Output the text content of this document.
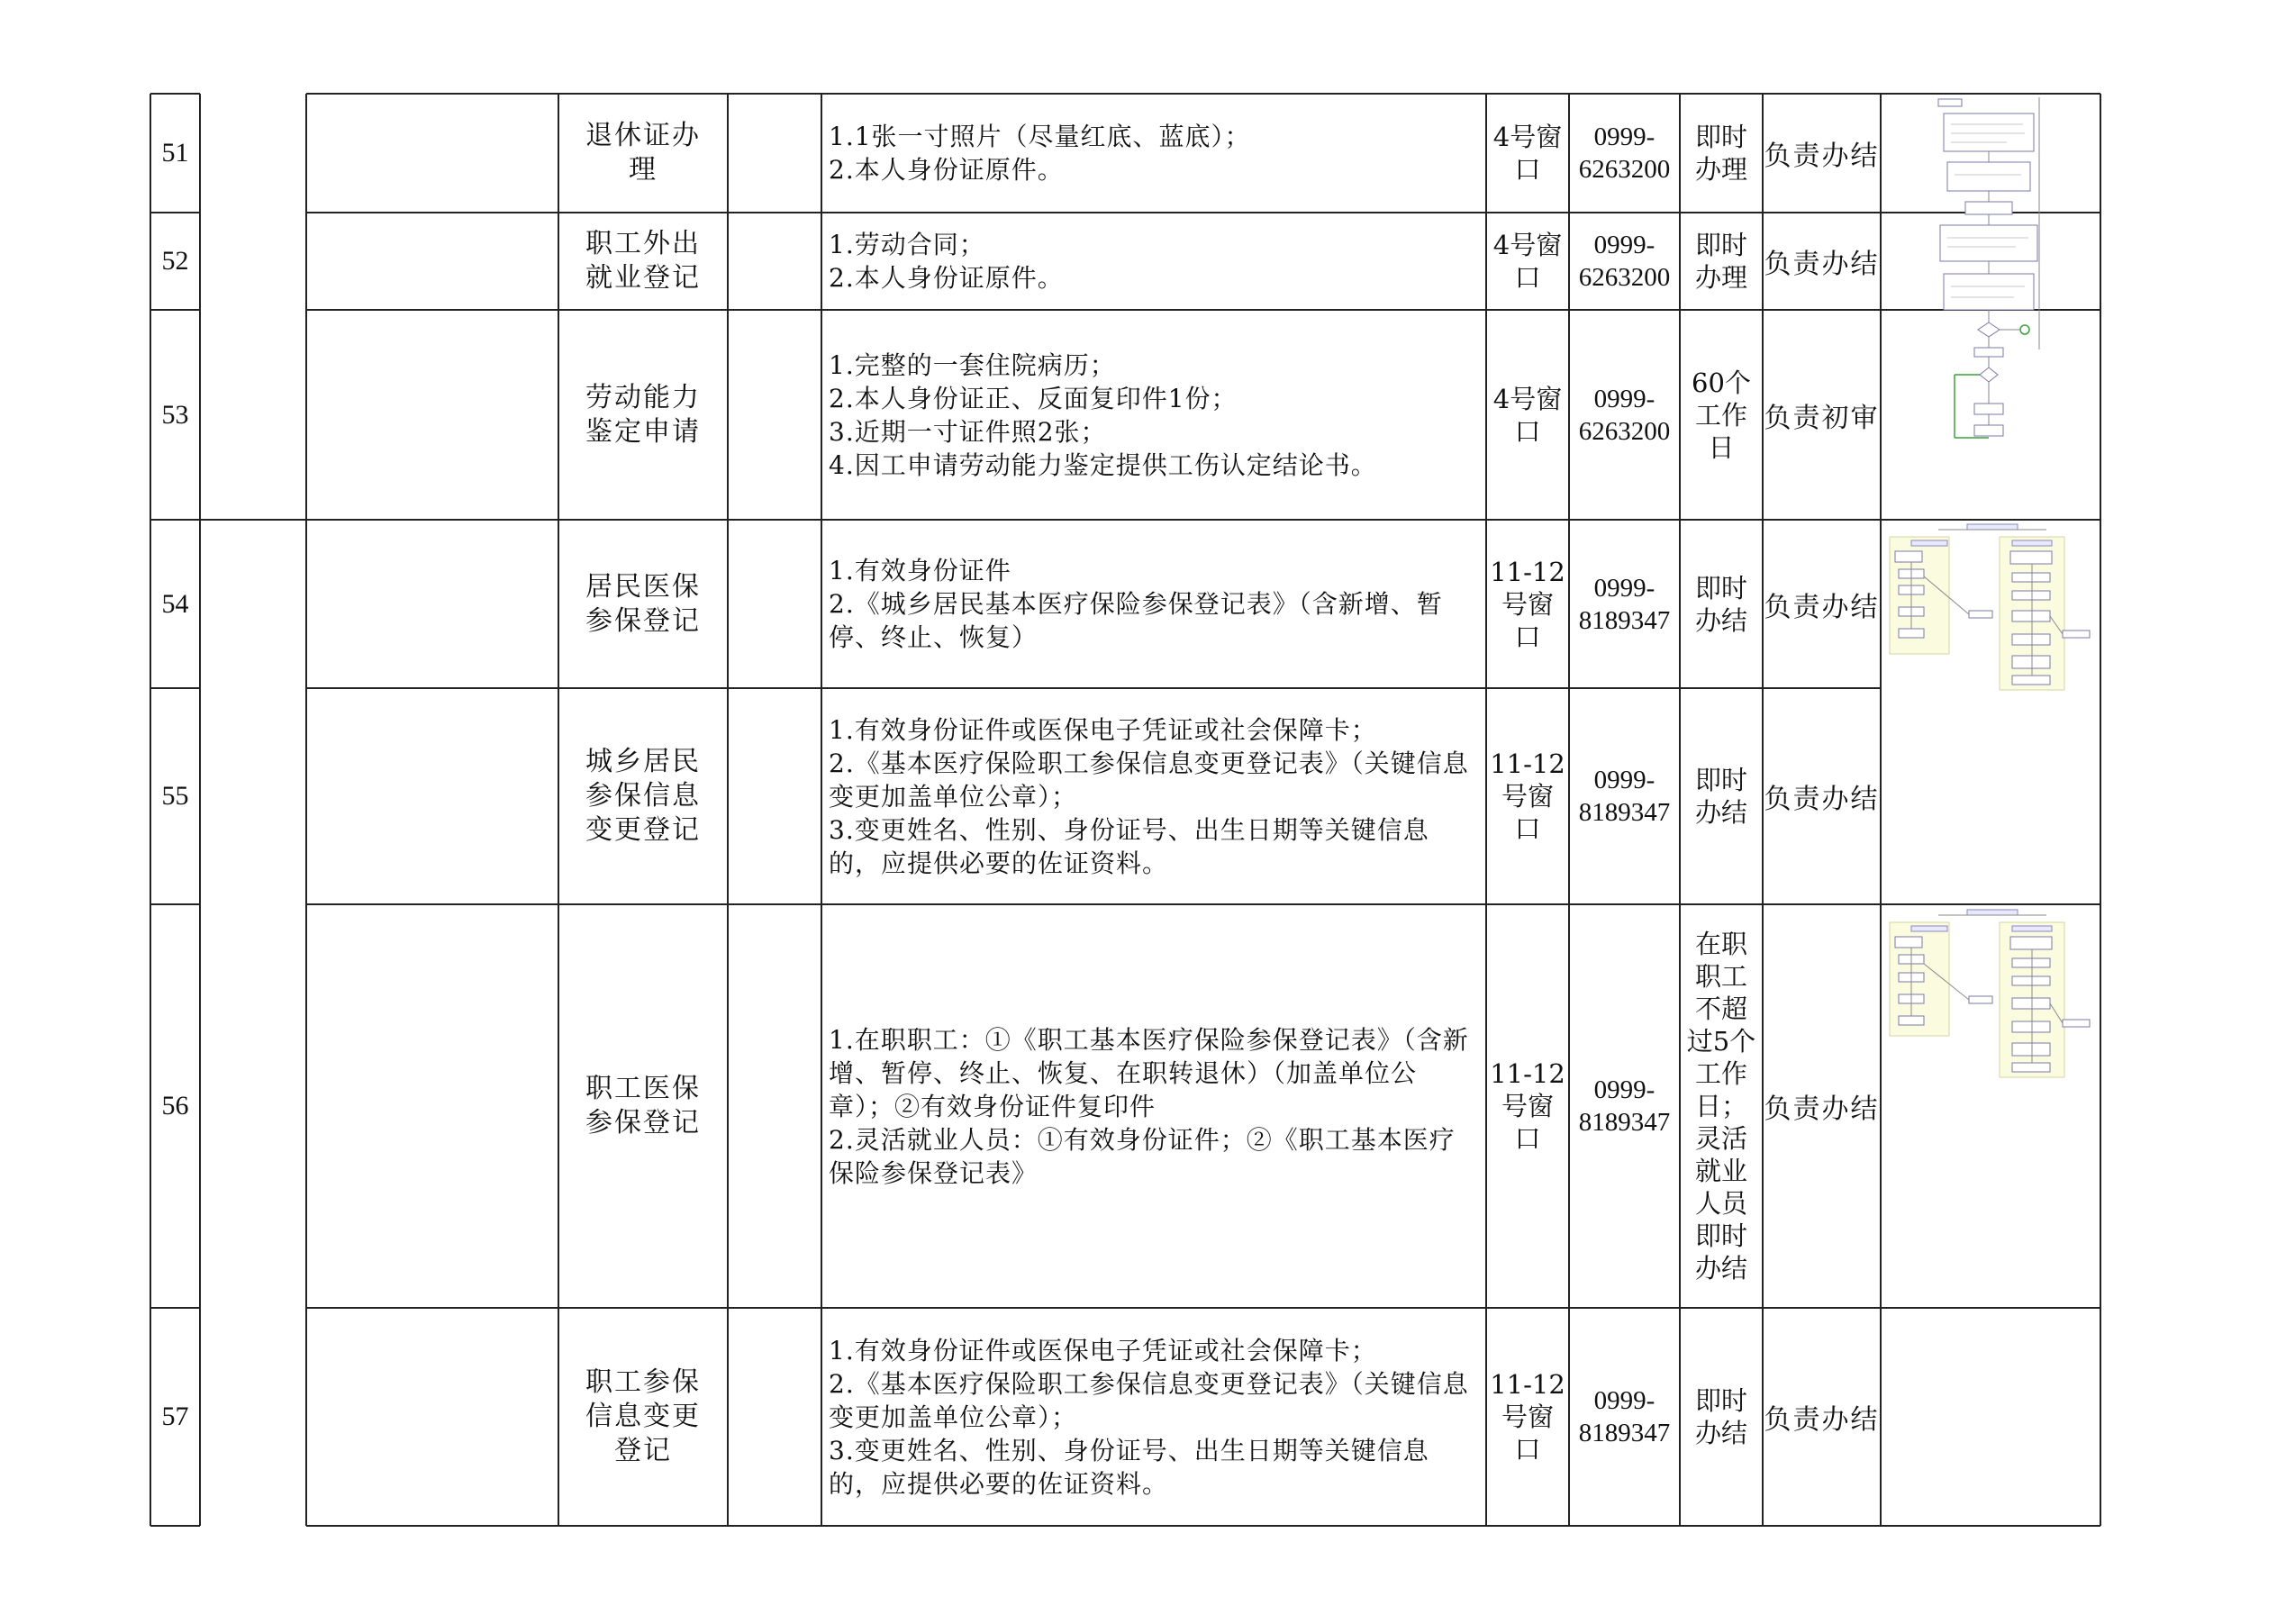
51
退休证办理
1.1张一寸照片（尽量红底、蓝底）；
2.本人身份证原件。
4号窗口
0999-
6263200
即时办理 负责办结
52
职工外出就业登记
1.劳动合同；
2.本人身份证原件。
4号窗口
0999-
6263200
即时办理 负责办结
53
劳动能力鉴定申请
1.完整的一套住院病历；
2.本人身份证正、反面复印件1份；
3.近期一寸证件照2张；
4.因工申请劳动能力鉴定提供工伤认定结论书。
4号窗口
0999-
6263200
60个工作日
负责初审
54
居民医保参保登记
1.有效身份证件
2.《城乡居民基本医疗保险参保登记表》（含新增、暂停、终止、恢复）
11-12号窗口
0999-
8189347
即时办结 负责办结
55
城乡居民参保信息变更登记
1.有效身份证件或医保电子凭证或社会保障卡；
2.《基本医疗保险职工参保信息变更登记表》（关键信息变更加盖单位公章）；
3.变更姓名、性别、身份证号、出生日期等关键信息的，应提供必要的佐证资料。
11-12号窗口
0999-
8189347
即时办结 负责办结
56
职工医保参保登记
1.在职职工：①《职工基本医疗保险参保登记表》（含新增、暂停、终止、恢复、在职转退休）（加盖单位公章）；②有效身份证件复印件
2.灵活就业人员：①有效身份证件；②《职工基本医疗保险参保登记表》
11-12号窗口
0999-
8189347
在职职工不超过5个工作日；灵活就业人员即时办结
负责办结
57
职工参保信息变更登记
1.有效身份证件或医保电子凭证或社会保障卡；
2.《基本医疗保险职工参保信息变更登记表》（关键信息变更加盖单位公章）；
3.变更姓名、性别、身份证号、出生日期等关键信息的，应提供必要的佐证资料。
11-12号窗口
0999-
8189347
即时办结 负责办结
